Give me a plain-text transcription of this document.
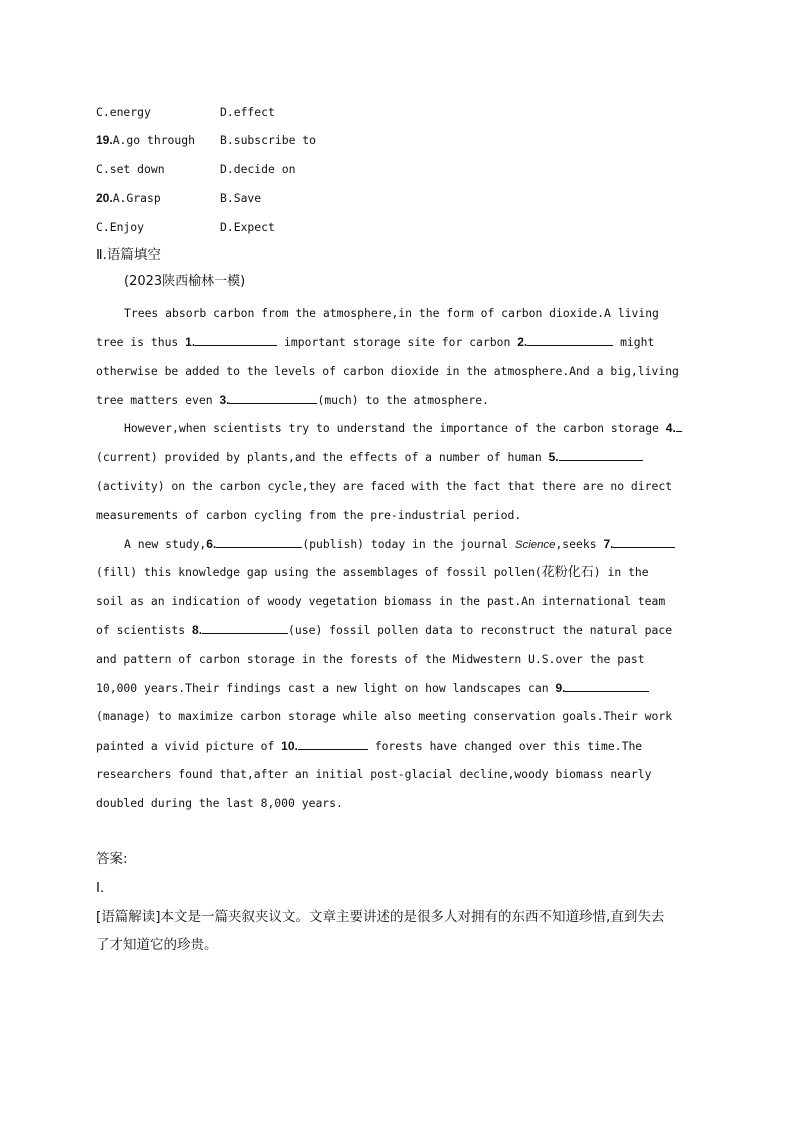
C.energy	D.effect
19.A.go through B.subscribe to
C.set down	D.decide on
20.A.Grasp	B.Save
C.Enjoy	D.Expect
Ⅱ.语篇填空
(2023陕西榆林一模)
Trees absorb carbon from the atmosphere,in the form of carbon dioxide.A living
tree is thus 1.	important storage site for carbon 2.	might
otherwise be added to the levels of carbon dioxide in the atmosphere.And a big,living
tree matters even 3.	(much) to the atmosphere.
However,when scientists try to understand the importance of the carbon storage 4.
(current) provided by plants,and the effects of a number of human 5.
(activity) on the carbon cycle,they are faced with the fact that there are no direct
measurements of carbon cycling from the pre-industrial period.
A new study,6.	(publish) today in the journal Science,seeks 7.
(fill) this knowledge gap using the assemblages of fossil pollen(花粉化石) in the
soil as an indication of woody vegetation biomass in the past.An international team
of scientists 8.	(use) fossil pollen data to reconstruct the natural pace
and pattern of carbon storage in the forests of the Midwestern U.S.over the past
10,000 years.Their findings cast a new light on how landscapes can 9.
(manage) to maximize carbon storage while also meeting conservation goals.Their work
painted a vivid picture of 10.	forests have changed over this time.The
researchers found that,after an initial post-glacial decline,woody biomass nearly
doubled during the last 8,000 years.
答案:
Ⅰ.
[语篇解读]本文是一篇夹叙夹议文。文章主要讲述的是很多人对拥有的东西不知道珍惜,直到失去
了才知道它的珍贵。
